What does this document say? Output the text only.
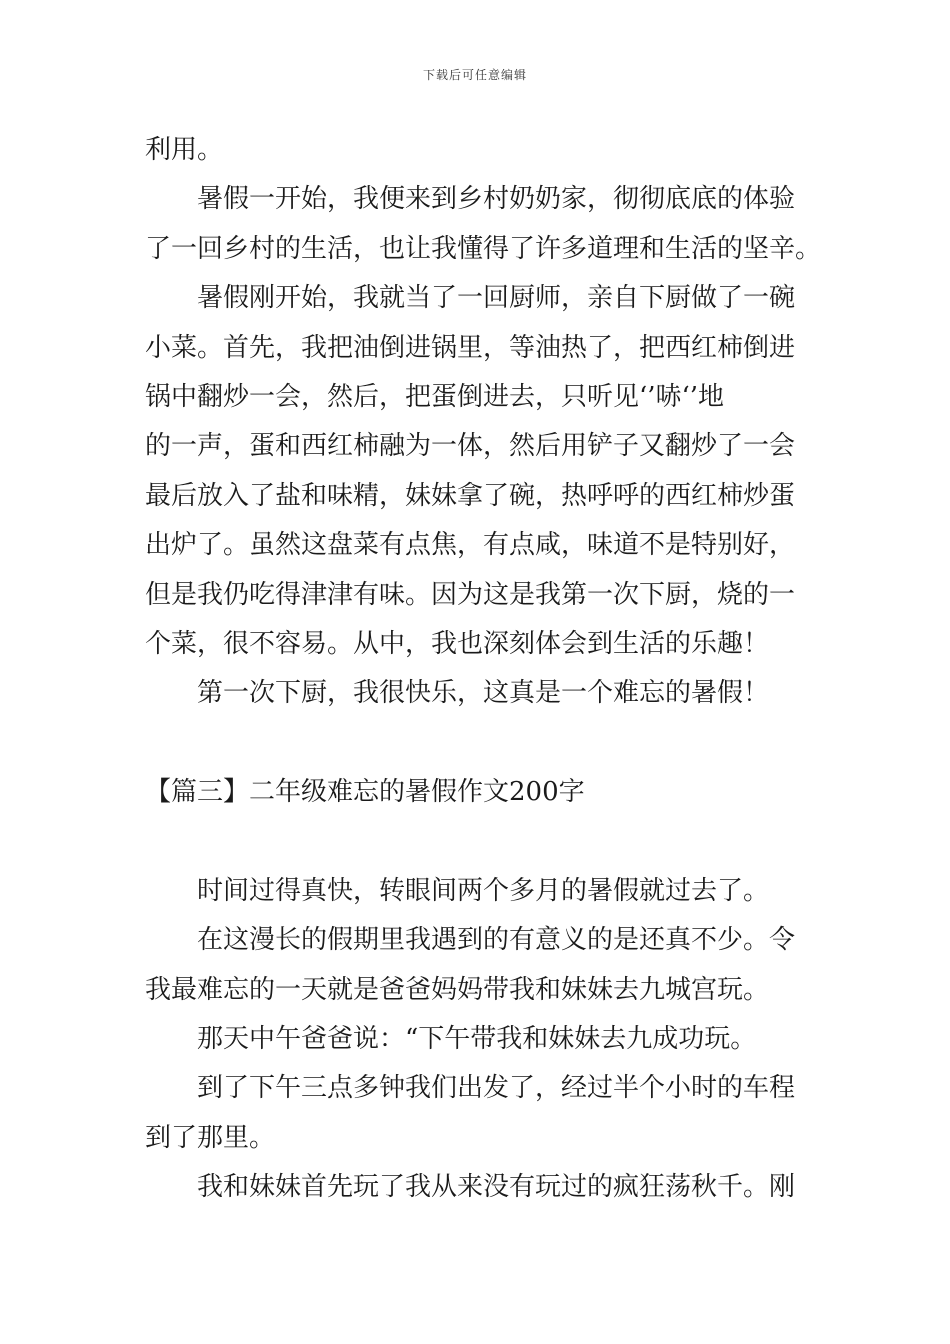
下载后可任意编辑
利用。
暑假一开始，我便来到乡村奶奶家，彻彻底底的体验
了一回乡村的生活，也让我懂得了许多道理和生活的坚辛。
暑假刚开始，我就当了一回厨师，亲自下厨做了一碗
小菜。首先，我把油倒进锅里，等油热了，把西红柿倒进
锅中翻炒一会，然后，把蛋倒进去，只听见‘’哧‘’地
的一声，蛋和西红柿融为一体，然后用铲子又翻炒了一会
最后放入了盐和味精，妹妹拿了碗，热呼呼的西红柿炒蛋
出炉了。虽然这盘菜有点焦，有点咸，味道不是特别好，
但是我仍吃得津津有味。因为这是我第一次下厨，烧的一
个菜，很不容易。从中，我也深刻体会到生活的乐趣！
第一次下厨，我很快乐，这真是一个难忘的暑假！
【篇三】二年级难忘的暑假作文200字
时间过得真快，转眼间两个多月的暑假就过去了。
在这漫长的假期里我遇到的有意义的是还真不少。令
我最难忘的一天就是爸爸妈妈带我和妹妹去九城宫玩。
那天中午爸爸说：“下午带我和妹妹去九成功玩。
到了下午三点多钟我们出发了，经过半个小时的车程
到了那里。
我和妹妹首先玩了我从来没有玩过的疯狂荡秋千。刚
